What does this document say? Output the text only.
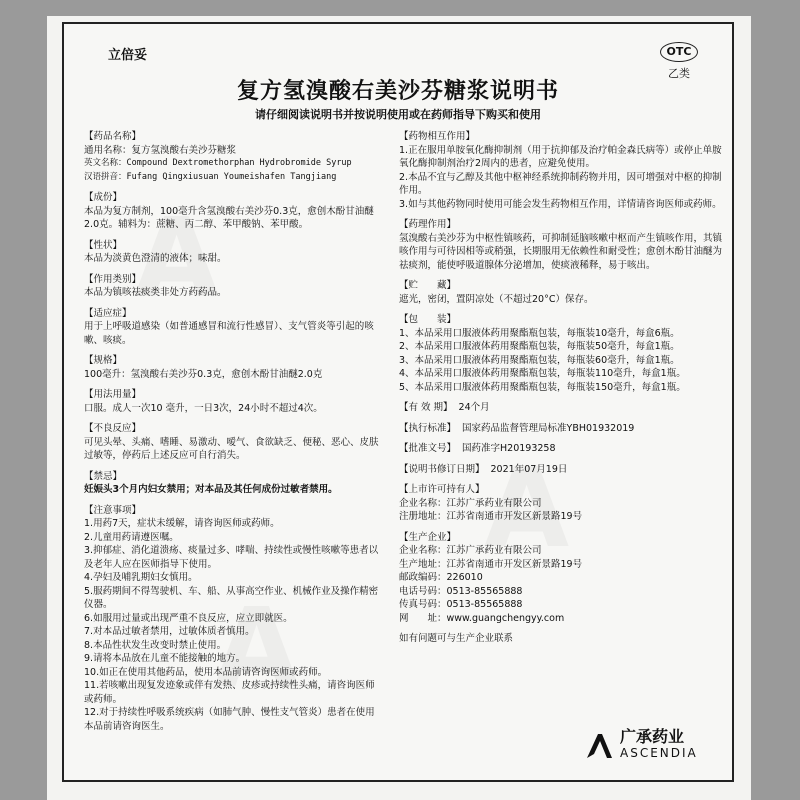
立倍妥	OTC
乙类
复方氢溴酸右美沙芬糖浆说明书
请仔细阅读说明书并按说明使用或在药师指导下购买和使用
【药品名称】

通用名称：复方氢溴酸右美沙芬糖浆

英文名称：Compound Dextromethorphan Hydrobromide Syrup

汉语拼音：Fufang Qingxiusuan Youmeishafen Tangjiang

【成份】

本品为复方制剂，100毫升含氢溴酸右美沙芬0.3克，愈创木酚甘油醚2.0克。辅料为：蔗糖、丙二醇、苯甲酸钠、苯甲酸。

【性状】

本品为淡黄色澄清的液体；味甜。

【作用类别】

本品为镇咳祛痰类非处方药药品。

【适应症】

用于上呼吸道感染（如普通感冒和流行性感冒）、支气管炎等引起的咳嗽、咳痰。

【规格】

100毫升：氢溴酸右美沙芬0.3克，愈创木酚甘油醚2.0克

【用法用量】

口服。成人一次10 毫升，一日3次，24小时不超过4次。

【不良反应】

可见头晕、头痛、嗜睡、易激动、嗳气、食欲缺乏、便秘、恶心、皮肤过敏等，停药后上述反应可自行消失。

【禁忌】

妊娠头3个月内妇女禁用；对本品及其任何成份过敏者禁用。

【注意事项】

1.用药7天，症状未缓解，请咨询医师或药师。

2.儿童用药请遵医嘱。

3.抑郁症、消化道溃疡、痰量过多、哮喘、持续性或慢性咳嗽等患者以及老年人应在医师指导下使用。

4.孕妇及哺乳期妇女慎用。

5.服药期间不得驾驶机、车、船、从事高空作业、机械作业及操作精密仪器。

6.如服用过量或出现严重不良反应，应立即就医。

7.对本品过敏者禁用，过敏体质者慎用。

8.本品性状发生改变时禁止使用。

9.请将本品放在儿童不能接触的地方。

10.如正在使用其他药品，使用本品前请咨询医师或药师。

11.若咳嗽出现复发迹象或伴有发热、皮疹或持续性头痛，请咨询医师或药师。

12.对于持续性呼吸系统疾病（如肺气肿、慢性支气管炎）患者在使用本品前请咨询医生。

【药物相互作用】

1.正在服用单胺氧化酶抑制剂（用于抗抑郁及治疗帕金森氏病等）或停止单胺氧化酶抑制剂治疗2周内的患者，应避免使用。

2.本品不宜与乙醇及其他中枢神经系统抑制药物并用，因可增强对中枢的抑制作用。

3.如与其他药物同时使用可能会发生药物相互作用，详情请咨询医师或药师。

【药理作用】

氢溴酸右美沙芬为中枢性镇咳药，可抑制延脑咳嗽中枢而产生镇咳作用，其镇咳作用与可待因相等或稍强，长期服用无依赖性和耐受性；愈创木酚甘油醚为祛痰剂，能使呼吸道腺体分泌增加，使痰液稀释，易于咳出。

【贮　　藏】

遮光，密闭，置阴凉处（不超过20°C）保存。

【包　　装】

1、本品采用口服液体药用聚酯瓶包装，每瓶装10毫升，每盒6瓶。

2、本品采用口服液体药用聚酯瓶包装，每瓶装50毫升，每盒1瓶。

3、本品采用口服液体药用聚酯瓶包装，每瓶装60毫升，每盒1瓶。

4、本品采用口服液体药用聚酯瓶包装，每瓶装110毫升，每盒1瓶。

5、本品采用口服液体药用聚酯瓶包装，每瓶装150毫升，每盒1瓶。

【有 效 期】 24个月

【执行标准】 国家药品监督管理局标准YBH01932019

【批准文号】 国药准字H20193258

【说明书修订日期】 2021年07月19日

【上市许可持有人】

企业名称：江苏广承药业有限公司

注册地址：江苏省南通市开发区新景路19号

【生产企业】

企业名称：江苏广承药业有限公司

生产地址：江苏省南通市开发区新景路19号

邮政编码：226010

电话号码：0513-85565888

传真号码：0513-85565888

网　　址：www.guangchengyy.com

如有问题可与生产企业联系

广承药业
ASCENDIA
